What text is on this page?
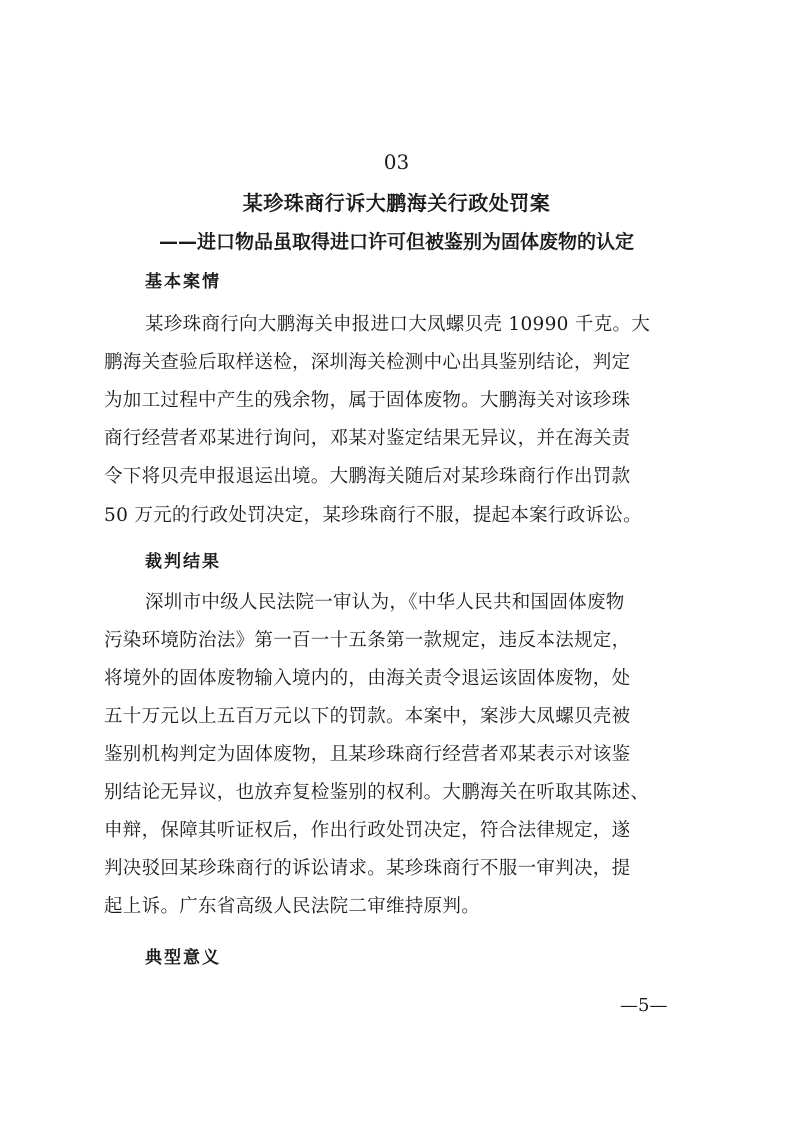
03
某珍珠商行诉大鹏海关行政处罚案
——进口物品虽取得进口许可但被鉴别为固体废物的认定
基本案情
某珍珠商行向大鹏海关申报进口大凤螺贝壳 10990 千克。大
鹏海关查验后取样送检，深圳海关检测中心出具鉴别结论，判定
为加工过程中产生的残余物，属于固体废物。大鹏海关对该珍珠
商行经营者邓某进行询问，邓某对鉴定结果无异议，并在海关责
令下将贝壳申报退运出境。大鹏海关随后对某珍珠商行作出罚款
50 万元的行政处罚决定，某珍珠商行不服，提起本案行政诉讼。
裁判结果
深圳市中级人民法院一审认为，《中华人民共和国固体废物
污染环境防治法》第一百一十五条第一款规定，违反本法规定，
将境外的固体废物输入境内的，由海关责令退运该固体废物，处
五十万元以上五百万元以下的罚款。本案中，案涉大凤螺贝壳被
鉴别机构判定为固体废物，且某珍珠商行经营者邓某表示对该鉴
别结论无异议，也放弃复检鉴别的权利。大鹏海关在听取其陈述、
申辩，保障其听证权后，作出行政处罚决定，符合法律规定，遂
判决驳回某珍珠商行的诉讼请求。某珍珠商行不服一审判决，提
起上诉。广东省高级人民法院二审维持原判。
典型意义
—5—
